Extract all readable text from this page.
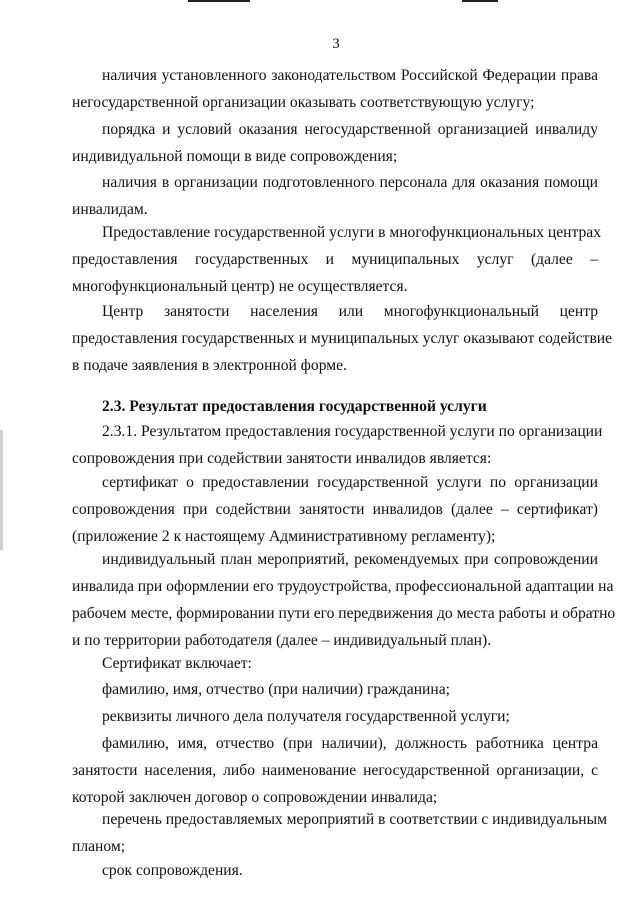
3
2.3. Результат предоставления государственной услуги
наличия установленного законодательством Российской Федерации права
негосударственной организации оказывать соответствующую услугу;
порядка и условий оказания негосударственной организацией инвалиду
индивидуальной помощи в виде сопровождения;
наличия в организации подготовленного персонала для оказания помощи
инвалидам.
Предоставление государственной услуги в многофункциональных центрах
предоставления государственных и муниципальных услуг (далее –
многофункциональный центр) не осуществляется.
Центр занятости населения или многофункциональный центр
предоставления государственных и муниципальных услуг оказывают содействие
в подаче заявления в электронной форме.
2.3.1. Результатом предоставления государственной услуги по организации
сопровождения при содействии занятости инвалидов является:
сертификат о предоставлении государственной услуги по организации
сопровождения при содействии занятости инвалидов (далее – сертификат)
(приложение 2 к настоящему Административному регламенту);
индивидуальный план мероприятий, рекомендуемых при сопровождении
инвалида при оформлении его трудоустройства, профессиональной адаптации на
рабочем месте, формировании пути его передвижения до места работы и обратно
и по территории работодателя (далее – индивидуальный план).
Сертификат включает:
фамилию, имя, отчество (при наличии) гражданина;
реквизиты личного дела получателя государственной услуги;
фамилию, имя, отчество (при наличии), должность работника центра
занятости населения, либо наименование негосударственной организации, с
которой заключен договор о сопровождении инвалида;
перечень предоставляемых мероприятий в соответствии с индивидуальным
планом;
срок сопровождения.
